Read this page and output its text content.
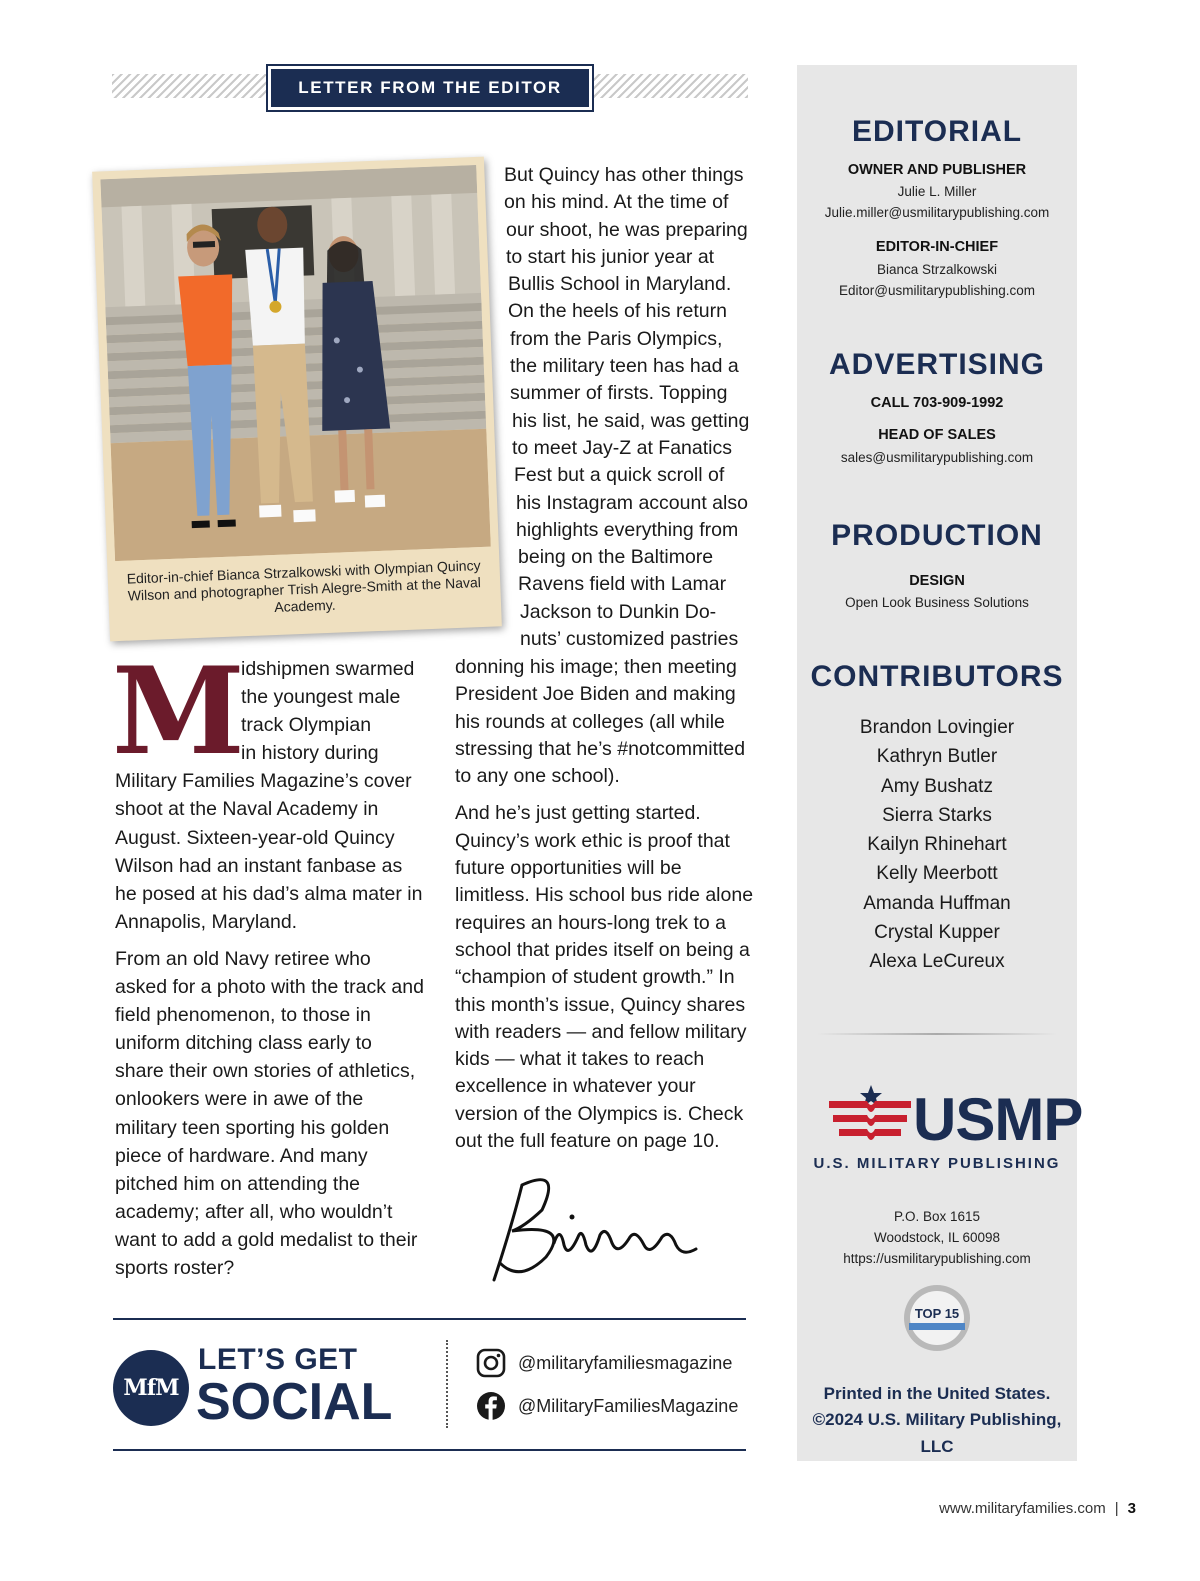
LETTER FROM THE EDITOR
Editor-in-chief Bianca Strzalkowski with Olympian Quincy Wilson and photographer Trish Alegre-Smith at the Naval Academy.
But Quincy has other things
on his mind. At the time of
our shoot, he was preparing
to start his junior year at
Bullis School in Maryland.
On the heels of his return
from the Paris Olympics,
the military teen has had a
summer of firsts. Topping
his list, he said, was getting
to meet Jay-Z at Fanatics
Fest but a quick scroll of
his Instagram account also
highlights everything from
being on the Baltimore
Ravens field with Lamar
Jackson to Dunkin Do-
nuts’ customized pastries
M

idshipmen swarmed
the youngest male
track Olympian
in history during
Military Families Magazine’s cover shoot at the Naval Academy in August. Sixteen-year-old Quincy Wilson had an instant fanbase as he posed at his dad’s alma mater in Annapolis, Maryland.

From an old Navy retiree who asked for a photo with the track and field phenomenon, to those in uniform ditching class early to share their own stories of athletics, onlookers were in awe of the military teen sporting his golden piece of hardware. And many pitched him on attending the academy; after all, who wouldn’t want to add a gold medalist to their sports roster?

donning his image; then meeting President Joe Biden and making his rounds at colleges (all while stressing that he’s #notcommitted to any one school).

And he’s just getting started. Quincy’s work ethic is proof that future opportunities will be limitless. His school bus ride alone requires an hours-long trek to a school that prides itself on being a “champion of student growth.” In this month’s issue, Quincy shares with readers — and fellow military kids — what it takes to reach excellence in whatever your version of the Olympics is. Check out the full feature on page 10.

MfM
LET’S GET
SOCIAL
@militaryfamiliesmagazine
@MilitaryFamiliesMagazine
EDITORIAL
OWNER AND PUBLISHER
Julie L. Miller
Julie.miller@usmilitarypublishing.com
EDITOR-IN-CHIEF
Bianca Strzalkowski
Editor@usmilitarypublishing.com
ADVERTISING
CALL 703-909-1992
HEAD OF SALES
sales@usmilitarypublishing.com
PRODUCTION
DESIGN
Open Look Business Solutions
CONTRIBUTORS
Brandon Lovingier
Kathryn Butler
Amy Bushatz
Sierra Starks
Kailyn Rhinehart
Kelly Meerbott
Amanda Huffman
Crystal Kupper
Alexa LeCureux
USMP
U.S. MILITARY PUBLISHING
P.O. Box 1615
Woodstock, IL 60098
https://usmilitarypublishing.com
TOP 15
Printed in the United States.
©2024 U.S. Military Publishing, LLC
www.militaryfamilies.com | 3
